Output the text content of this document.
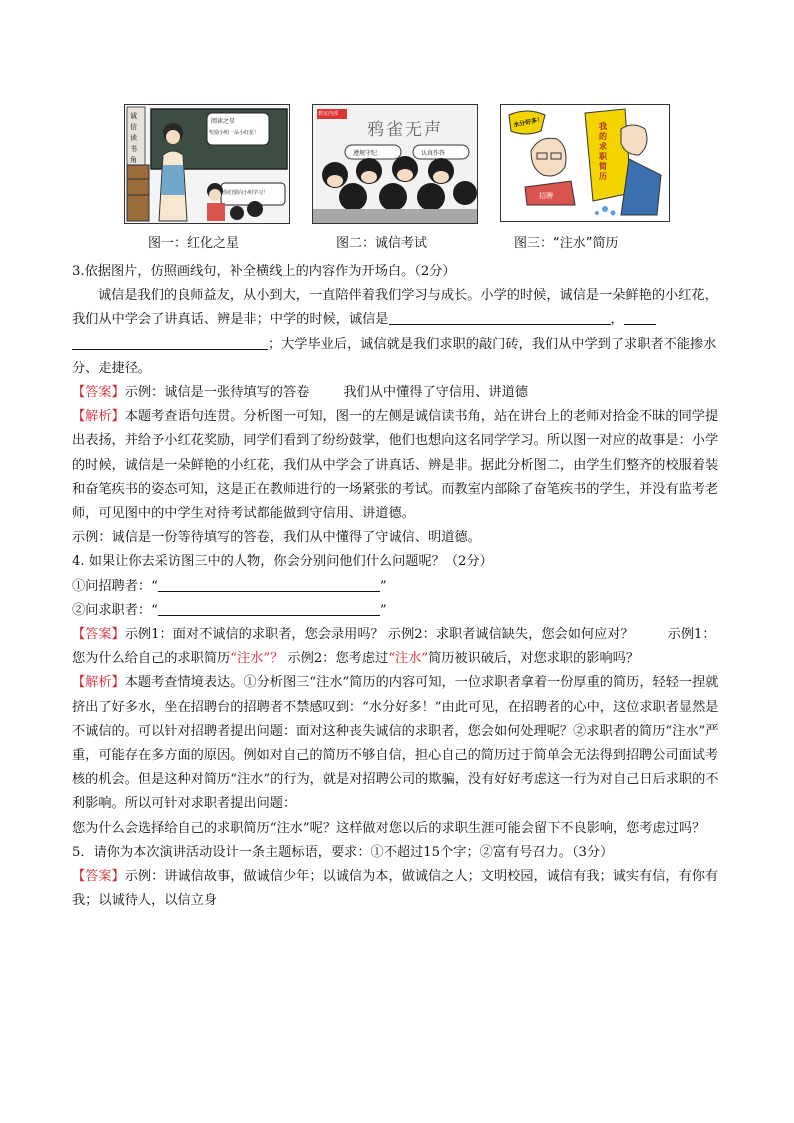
诚信读书角
阅读之星
奖励小明一朵小红花！
你们要向小明学习！
图一：红化之星
教室内部
鸦雀无声
遵规守纪	认真作答
图二：诚信考试
水分好多！	我的求职简历
招聘
图三：“注水”简历

3.依据图片，仿照画线句，补全横线上的内容作为开场白。（2分）

诚信是我们的良师益友，从小到大，一直陪伴着我们学习与成长。小学的时候，诚信是一朵鲜艳的小红花，我们从中学会了讲真话、辨是非；中学的时候，诚信是	，
；大学毕业后，诚信就是我们求职的敲门砖，我们从中学到了求职者不能掺水分、走捷径。

【答案】示例：诚信是一张待填写的答卷	我们从中懂得了守信用、讲道德

【解析】本题考查语句连贯。分析图一可知，图一的左侧是诚信读书角，站在讲台上的老师对拾金不昧的同学提出表扬，并给予小红花奖励，同学们看到了纷纷鼓掌，他们也想向这名同学学习。所以图一对应的故事是：小学的时候，诚信是一朵鲜艳的小红花，我们从中学会了讲真话、辨是非。据此分析图二，由学生们整齐的校服着装和奋笔疾书的姿态可知，这是正在教师进行的一场紧张的考试。而教室内部除了奋笔疾书的学生，并没有监考老师，可见图中的中学生对待考试都能做到守信用、讲道德。

示例：诚信是一份等待填写的答卷，我们从中懂得了守诚信、明道德。

4. 如果让你去采访图三中的人物，你会分别问他们什么问题呢？（2分）

①问招聘者：“	”

②问求职者：“	”

【答案】示例1：面对不诚信的求职者，您会录用吗？ 示例2：求职者诚信缺失，您会如何应对？	示例1：您为什么给自己的求职简历“注水”？ 示例2：您考虑过“注水”简历被识破后，对您求职的影响吗？

【解析】本题考查情境表达。①分析图三“注水”简历的内容可知，一位求职者拿着一份厚重的简历，轻轻一捏就挤出了好多水，坐在招聘台的招聘者不禁感叹到：“水分好多！”由此可见，在招聘者的心中，这位求职者显然是不诚信的。可以针对招聘者提出问题：面对这种丧失诚信的求职者，您会如何处理呢？②求职者的简历“注水”严重，可能存在多方面的原因。例如对自己的简历不够自信，担心自己的简历过于简单会无法得到招聘公司面试考核的机会。但是这种对简历“注水”的行为，就是对招聘公司的欺骗，没有好好考虑这一行为对自己日后求职的不利影响。所以可针对求职者提出问题：

您为什么会选择给自己的求职简历“注水”呢？这样做对您以后的求职生涯可能会留下不良影响，您考虑过吗？

5．请你为本次演讲活动设计一条主题标语，要求：①不超过15个字；②富有号召力。（3分）

【答案】示例：讲诚信故事，做诚信少年；以诚信为本，做诚信之人；文明校园，诚信有我；诚实有信，有你有我；以诚待人，以信立身
